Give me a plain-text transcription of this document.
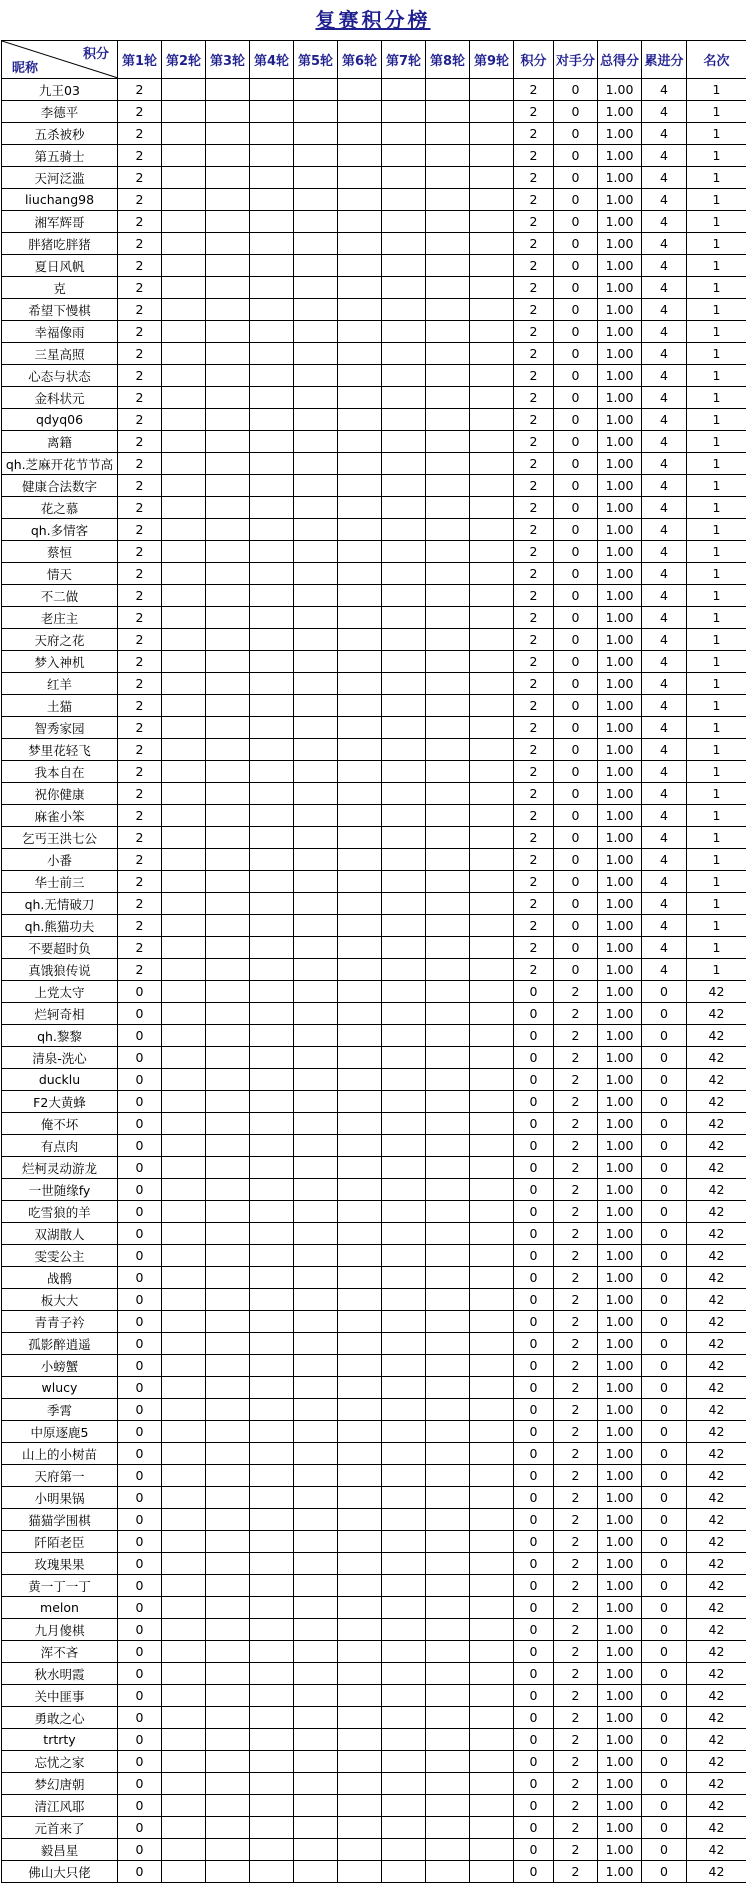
复赛积分榜
积分
昵称	第1轮	第2轮	第3轮	第4轮	第5轮	第6轮	第7轮	第8轮	第9轮	积分	对手分	总得分	累进分	名次
九王03	2									2	0	1.00	4	1
李德平	2									2	0	1.00	4	1
五杀被秒	2									2	0	1.00	4	1
第五骑士	2									2	0	1.00	4	1
天河泛滥	2									2	0	1.00	4	1
liuchang98	2									2	0	1.00	4	1
湘军辉哥	2									2	0	1.00	4	1
胖猪吃胖猪	2									2	0	1.00	4	1
夏日风帆	2									2	0	1.00	4	1
克	2									2	0	1.00	4	1
希望下慢棋	2									2	0	1.00	4	1
幸福像雨	2									2	0	1.00	4	1
三星高照	2									2	0	1.00	4	1
心态与状态	2									2	0	1.00	4	1
金科状元	2									2	0	1.00	4	1
qdyq06	2									2	0	1.00	4	1
离籍	2									2	0	1.00	4	1
qh.芝麻开花节节高	2									2	0	1.00	4	1
健康合法数字	2									2	0	1.00	4	1
花之慕	2									2	0	1.00	4	1
qh.多情客	2									2	0	1.00	4	1
蔡恒	2									2	0	1.00	4	1
情天	2									2	0	1.00	4	1
不二做	2									2	0	1.00	4	1
老庄主	2									2	0	1.00	4	1
天府之花	2									2	0	1.00	4	1
梦入神机	2									2	0	1.00	4	1
红羊	2									2	0	1.00	4	1
土猫	2									2	0	1.00	4	1
智秀家园	2									2	0	1.00	4	1
梦里花轻飞	2									2	0	1.00	4	1
我本自在	2									2	0	1.00	4	1
祝你健康	2									2	0	1.00	4	1
麻雀小笨	2									2	0	1.00	4	1
乞丐王洪七公	2									2	0	1.00	4	1
小番	2									2	0	1.00	4	1
华士前三	2									2	0	1.00	4	1
qh.无情破刀	2									2	0	1.00	4	1
qh.熊猫功夫	2									2	0	1.00	4	1
不要超时负	2									2	0	1.00	4	1
真饿狼传说	2									2	0	1.00	4	1
上党太守	0									0	2	1.00	0	42
烂轲奇相	0									0	2	1.00	0	42
qh.黎黎	0									0	2	1.00	0	42
清泉-洗心	0									0	2	1.00	0	42
ducklu	0									0	2	1.00	0	42
F2大黄蜂	0									0	2	1.00	0	42
俺不坏	0									0	2	1.00	0	42
有点肉	0									0	2	1.00	0	42
烂柯灵动游龙	0									0	2	1.00	0	42
一世随缘fy	0									0	2	1.00	0	42
吃雪狼的羊	0									0	2	1.00	0	42
双湖散人	0									0	2	1.00	0	42
雯雯公主	0									0	2	1.00	0	42
战鹘	0									0	2	1.00	0	42
板大大	0									0	2	1.00	0	42
青青子衿	0									0	2	1.00	0	42
孤影醉逍遥	0									0	2	1.00	0	42
小螃蟹	0									0	2	1.00	0	42
wlucy	0									0	2	1.00	0	42
季霄	0									0	2	1.00	0	42
中原逐鹿5	0									0	2	1.00	0	42
山上的小树苗	0									0	2	1.00	0	42
天府第一	0									0	2	1.00	0	42
小明果锅	0									0	2	1.00	0	42
猫猫学围棋	0									0	2	1.00	0	42
阡陌老臣	0									0	2	1.00	0	42
玫瑰果果	0									0	2	1.00	0	42
黄一丁一丁	0									0	2	1.00	0	42
melon	0									0	2	1.00	0	42
九月傻棋	0									0	2	1.00	0	42
浑不吝	0									0	2	1.00	0	42
秋水明霞	0									0	2	1.00	0	42
关中匪事	0									0	2	1.00	0	42
勇敢之心	0									0	2	1.00	0	42
trtrty	0									0	2	1.00	0	42
忘忧之家	0									0	2	1.00	0	42
梦幻唐朝	0									0	2	1.00	0	42
清江风耶	0									0	2	1.00	0	42
元首来了	0									0	2	1.00	0	42
毅昌星	0									0	2	1.00	0	42
佛山大只佬	0									0	2	1.00	0	42
